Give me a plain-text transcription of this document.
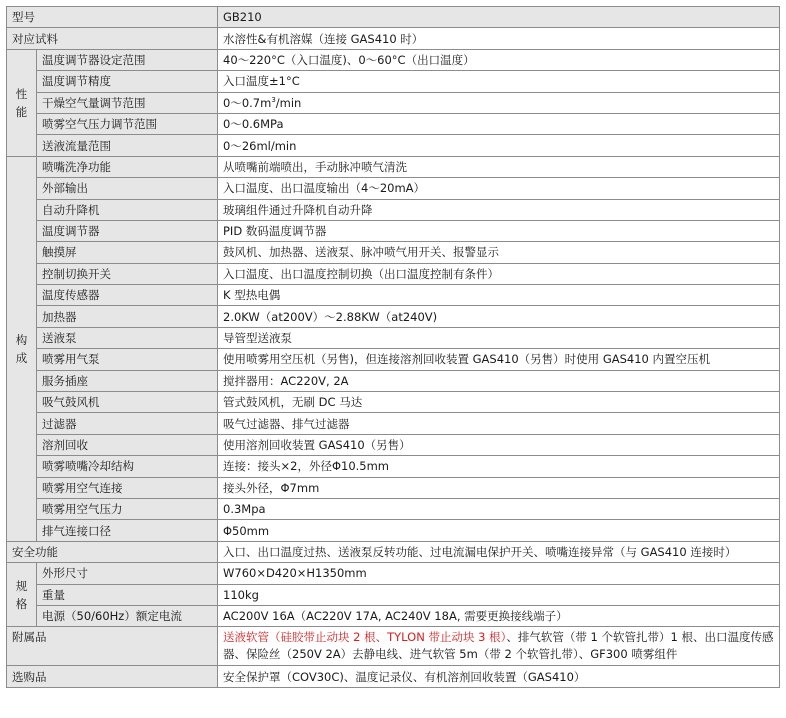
型号		GB210
对应试料		水溶性&有机溶媒（连接 GAS410 时）

性
能	温度调节器设定范围	40～220°C（入口温度)、0～60°C（出口温度）
	温度调节精度	入口温度±1°C
	干燥空气量调节范围	$0\sim 0.7m^3/\min$
	喷雾空气压力调节范围	0～0.6MPa
	送液流量范围	0～26ml/min

构
成	喷嘴洗净功能	从喷嘴前端喷出，手动脉冲喷气清洗
	外部输出	入口温度、出口温度输出（4～20mA）
	自动升降机	玻璃组件通过升降机自动升降
	温度调节器	PID 数码温度调节器
	触摸屏	鼓风机、加热器、送液泵、脉冲喷气用开关、报警显示
	控制切换开关	入口温度、出口温度控制切换（出口温度控制有条件）
	温度传感器	K 型热电偶
	加热器	2.0KW（at200V）～2.88KW（at240V)
	送液泵	导管型送液泵
	喷雾用气泵	使用喷雾用空压机（另售)，但连接溶剂回收装置 GAS410（另售）时使用 GAS410 内置空压机
	服务插座	搅拌器用：AC220V, 2A
	吸气鼓风机	管式鼓风机，无刷 DC 马达
	过滤器	吸气过滤器、排气过滤器
	溶剂回收	使用溶剂回收装置 GAS410（另售）
	喷雾喷嘴冷却结构	连接：接头×2，外径Φ10.5mm
	喷雾用空气连接	接头外径，Φ7mm
	喷雾用空气压力	0.3Mpa
	排气连接口径	Φ50mm
安全功能		入口、出口温度过热、送液泵反转功能、过电流漏电保护开关、喷嘴连接异常（与 GAS410 连接时）

规
格	外形尺寸	W760×D420×H1350mm
	重量	110kg
	电源（50/60Hz）额定电流	AC200V 16A（AC220V 17A, AC240V 18A, 需要更换接线端子）
附属品		送液软管（硅胶带止动块 2 根、TYLON 带止动块 3 根）、排气软管（带 1 个软管扎带）1 根、出口温度传感器、保险丝（250V 2A）去静电线、进气软管 5m（带 2 个软管扎带）、GF300 喷雾组件
选购品		安全保护罩（COV30C)、温度记录仪、有机溶剂回收装置（GAS410）
